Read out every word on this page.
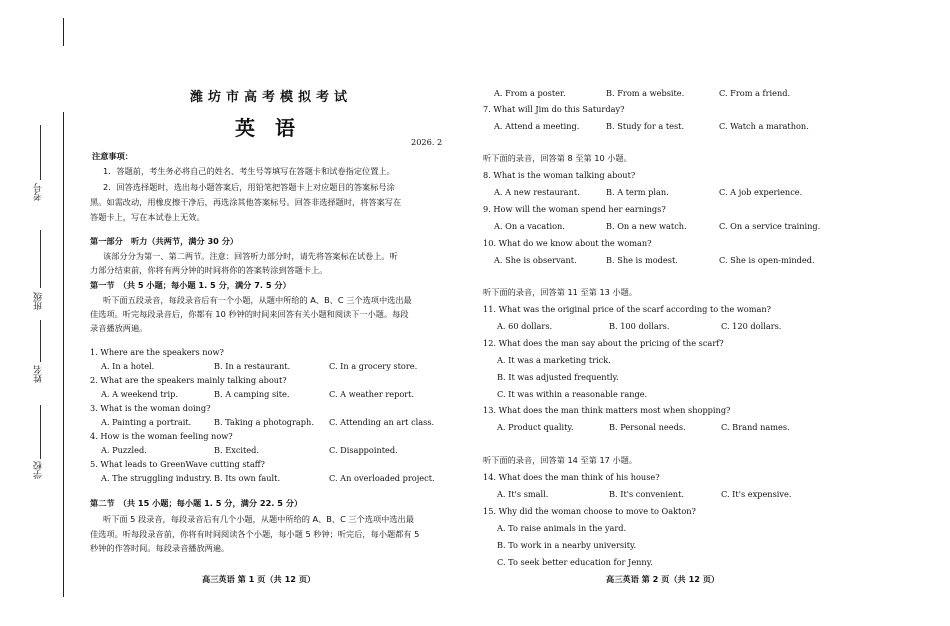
考号
班级
姓名
学校
潍坊市高考模拟考试
英　语
2026. 2
注意事项：
1．答题前，考生务必将自己的姓名、考生号等填写在答题卡和试卷指定位置上。
2．回答选择题时，选出每小题答案后，用铅笔把答题卡上对应题目的答案标号涂
黑。如需改动，用橡皮擦干净后，再选涂其他答案标号。回答非选择题时，将答案写在
答题卡上，写在本试卷上无效。
第一部分　听力（共两节，满分 30 分）
该部分分为第一、第二两节。注意：回答听力部分时，请先将答案标在试卷上。听
力部分结束前，你将有两分钟的时间将你的答案转涂到答题卡上。
第一节　（共 5 小题；每小题 1. 5 分，满分 7. 5 分）
听下面五段录音，每段录音后有一个小题，从题中所给的 A、B、C 三个选项中选出最
佳选项。听完每段录音后，你都有 10 秒钟的时间来回答有关小题和阅读下一小题。每段
录音播放两遍。
1. Where are the speakers now?
A. In a hotel.	B. In a restaurant.	C. In a grocery store.
2. What are the speakers mainly talking about?
A. A weekend trip.	B. A camping site.	C. A weather report.
3. What is the woman doing?
A. Painting a portrait.	B. Taking a photograph. C. Attending an art class.
4. How is the woman feeling now?
A. Puzzled.	B. Excited.	C. Disappointed.
5. What leads to GreenWave cutting staff?
A. The struggling industry. B. Its own fault.	C. An overloaded project.
第二节　（共 15 小题；每小题 1. 5 分，满分 22. 5 分）
听下面 5 段录音，每段录音后有几个小题，从题中所给的 A、B、C 三个选项中选出最
佳选项。听每段录音前，你将有时间阅读各个小题，每小题 5 秒钟；听完后，每小题都有 5
秒钟的作答时间。每段录音播放两遍。
高三英语 第 1 页（共 12 页）
A. From a poster.	B. From a website.	C. From a friend.
7. What will Jim do this Saturday?
A. Attend a meeting.	B. Study for a test.	C. Watch a marathon.
听下面的录音，回答第 8 至第 10 小题。
8. What is the woman talking about?
A. A new restaurant.	B. A term plan.	C. A job experience.
9. How will the woman spend her earnings?
A. On a vacation.	B. On a new watch.	C. On a service training.
10. What do we know about the woman?
A. She is observant.	B. She is modest.	C. She is open-minded.
听下面的录音，回答第 11 至第 13 小题。
11. What was the original price of the scarf according to the woman?
A. 60 dollars.	B. 100 dollars.	C. 120 dollars.
12. What does the man say about the pricing of the scarf?
A. It was a marketing trick.
B. It was adjusted frequently.
C. It was within a reasonable range.
13. What does the man think matters most when shopping?
A. Product quality.	B. Personal needs.	C. Brand names.
听下面的录音，回答第 14 至第 17 小题。
14. What does the man think of his house?
A. It's small.	B. It's convenient.	C. It's expensive.
15. Why did the woman choose to move to Oakton?
A. To raise animals in the yard.
B. To work in a nearby university.
C. To seek better education for Jenny.
高三英语 第 2 页（共 12 页）
